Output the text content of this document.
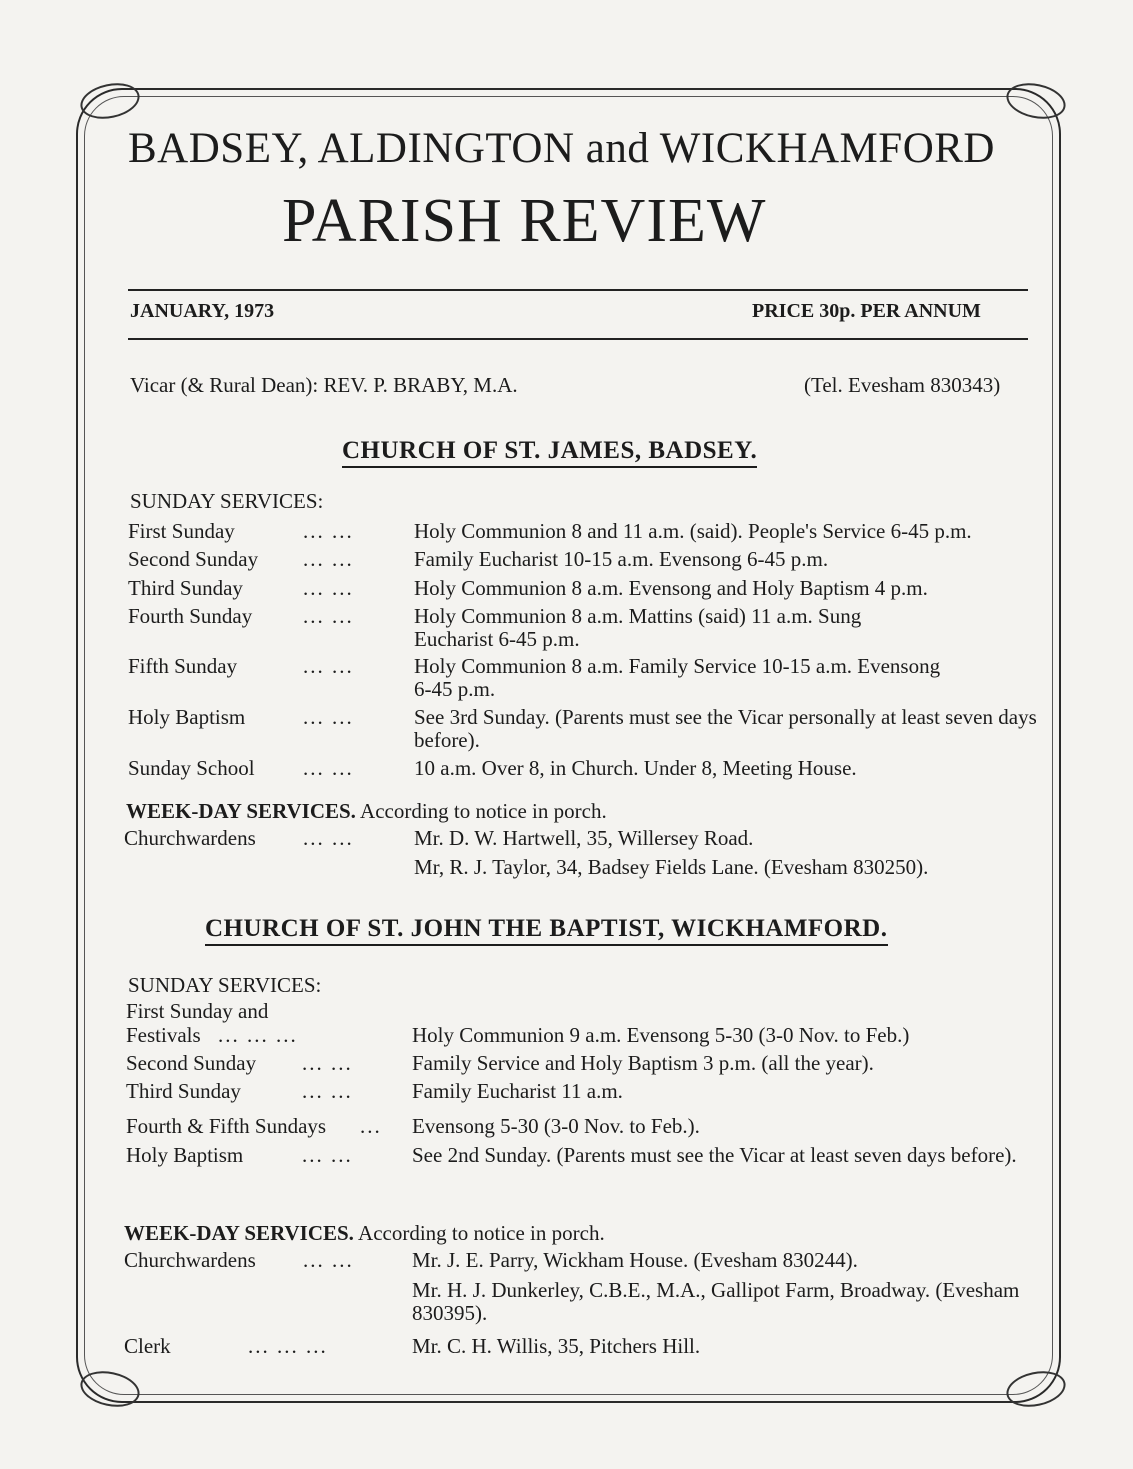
BADSEY, ALDINGTON and WICKHAMFORD
PARISH REVIEW
JANUARY, 1973	PRICE 30p. PER ANNUM
Vicar (& Rural Dean): REV. P. BRABY, M.A.	(Tel. Evesham 830343)
CHURCH OF ST. JAMES, BADSEY.
SUNDAY SERVICES:
First Sunday	... ...	Holy Communion 8 and 11 a.m. (said). People's Service 6-45 p.m.
Second Sunday ... ...	Family Eucharist 10-15 a.m. Evensong 6-45 p.m.
Third Sunday	... ...	Holy Communion 8 a.m. Evensong and Holy Baptism 4 p.m.
Fourth Sunday ... ...	Holy Communion 8 a.m. Mattins (said) 11 a.m. Sung Eucharist 6-45 p.m.
Fifth Sunday	... ...	Holy Communion 8 a.m. Family Service 10-15 a.m. Evensong 6-45 p.m.
Holy Baptism	... ...	See 3rd Sunday. (Parents must see the Vicar personally at least seven days before).
Sunday School ... ...	10 a.m. Over 8, in Church. Under 8, Meeting House.
WEEK-DAY SERVICES. According to notice in porch.
Churchwardens ... ...	Mr. D. W. Hartwell, 35, Willersey Road.
Mr, R. J. Taylor, 34, Badsey Fields Lane. (Evesham 830250).
CHURCH OF ST. JOHN THE BAPTIST, WICKHAMFORD.
SUNDAY SERVICES:
First Sunday and
Festivals ... ... ...	Holy Communion 9 a.m. Evensong 5-30 (3-0 Nov. to Feb.)
Second Sunday ... ...	Family Service and Holy Baptism 3 p.m. (all the year).
Third Sunday	... ...	Family Eucharist 11 a.m.
Fourth & Fifth Sundays ... Evensong 5-30 (3-0 Nov. to Feb.).
Holy Baptism	... ...	See 2nd Sunday. (Parents must see the Vicar at least seven days before).
WEEK-DAY SERVICES. According to notice in porch.
Churchwardens ... ...	Mr. J. E. Parry, Wickham House. (Evesham 830244).
Mr. H. J. Dunkerley, C.B.E., M.A., Gallipot Farm, Broadway. (Evesham 830395).
Clerk	... ... ...	Mr. C. H. Willis, 35, Pitchers Hill.
